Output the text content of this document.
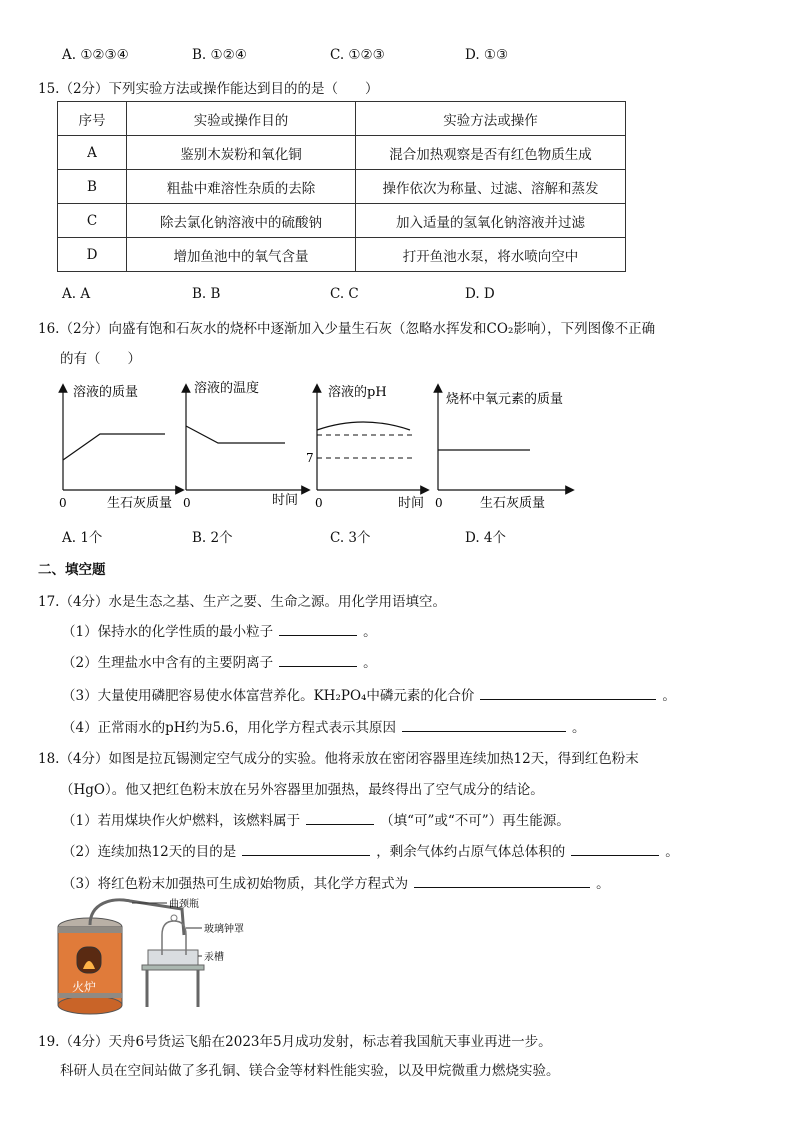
A. ①②③④	B. ①②④	C. ①②③	D. ①③
15.（2分）下列实验方法或操作能达到目的的是（　　）
序号	实验或操作目的	实验方法或操作
A	鉴别木炭粉和氧化铜	混合加热观察是否有红色物质生成
B	粗盐中难溶性杂质的去除	操作依次为称量、过滤、溶解和蒸发
C	除去氯化钠溶液中的硫酸钠	加入适量的氢氧化钠溶液并过滤
D	增加鱼池中的氧气含量	打开鱼池水泵，将水喷向空中
A. A	B. B	C. C	D. D
16.（2分）向盛有饱和石灰水的烧杯中逐渐加入少量生石灰（忽略水挥发和CO₂影响），下列图像不正确
的有（　　）
溶液的质量
0	生石灰质量
溶液的温度
0	时间
溶液的pH
7
0	时间
烧杯中氧元素的质量
0	生石灰质量
A. 1个	B. 2个	C. 3个	D. 4个
二、填空题
17.（4分）水是生态之基、生产之要、生命之源。用化学用语填空。
（1）保持水的化学性质的最小粒子	。
（2）生理盐水中含有的主要阴离子	。
（3）大量使用磷肥容易使水体富营养化。KH₂PO₄中磷元素的化合价	。
（4）正常雨水的pH约为5.6，用化学方程式表示其原因	。
18.（4分）如图是拉瓦锡测定空气成分的实验。他将汞放在密闭容器里连续加热12天，得到红色粉末
（HgO）。他又把红色粉末放在另外容器里加强热，最终得出了空气成分的结论。
（1）若用煤块作火炉燃料，该燃料属于	（填“可”或“不可”）再生能源。
（2）连续加热12天的目的是	，剩余气体约占原气体总体积的	。
（3）将红色粉末加强热可生成初始物质，其化学方程式为	。
火炉
曲颈瓶
玻璃钟罩
汞槽
19.（4分）天舟6号货运飞船在2023年5月成功发射，标志着我国航天事业再进一步。
科研人员在空间站做了多孔铜、镁合金等材料性能实验，以及甲烷微重力燃烧实验。
